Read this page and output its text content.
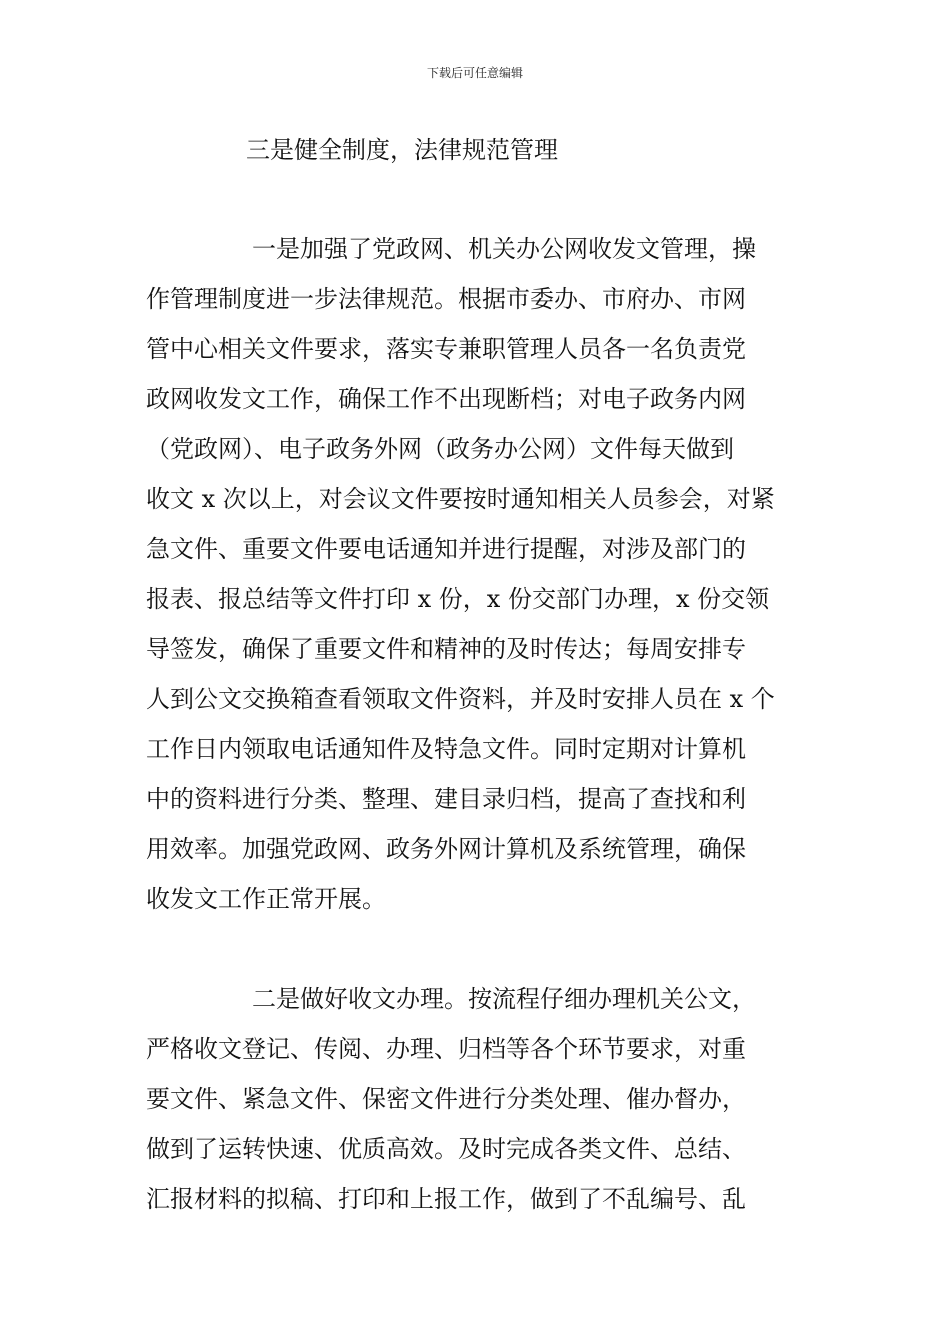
下载后可任意编辑
三是健全制度，法律规范管理
一是加强了党政网、机关办公网收发文管理，操
作管理制度进一步法律规范。根据市委办、市府办、市网
管中心相关文件要求，落实专兼职管理人员各一名负责党
政网收发文工作，确保工作不出现断档；对电子政务内网
（党政网）、电子政务外网（政务办公网）文件每天做到
收文 x 次以上，对会议文件要按时通知相关人员参会，对紧
急文件、重要文件要电话通知并进行提醒，对涉及部门的
报表、报总结等文件打印 x 份，x 份交部门办理，x 份交领
导签发，确保了重要文件和精神的及时传达；每周安排专
人到公文交换箱查看领取文件资料，并及时安排人员在 x 个
工作日内领取电话通知件及特急文件。同时定期对计算机
中的资料进行分类、整理、建目录归档，提高了查找和利
用效率。加强党政网、政务外网计算机及系统管理，确保
收发文工作正常开展。
二是做好收文办理。按流程仔细办理机关公文，
严格收文登记、传阅、办理、归档等各个环节要求，对重
要文件、紧急文件、保密文件进行分类处理、催办督办，
做到了运转快速、优质高效。及时完成各类文件、总结、
汇报材料的拟稿、打印和上报工作，做到了不乱编号、乱
